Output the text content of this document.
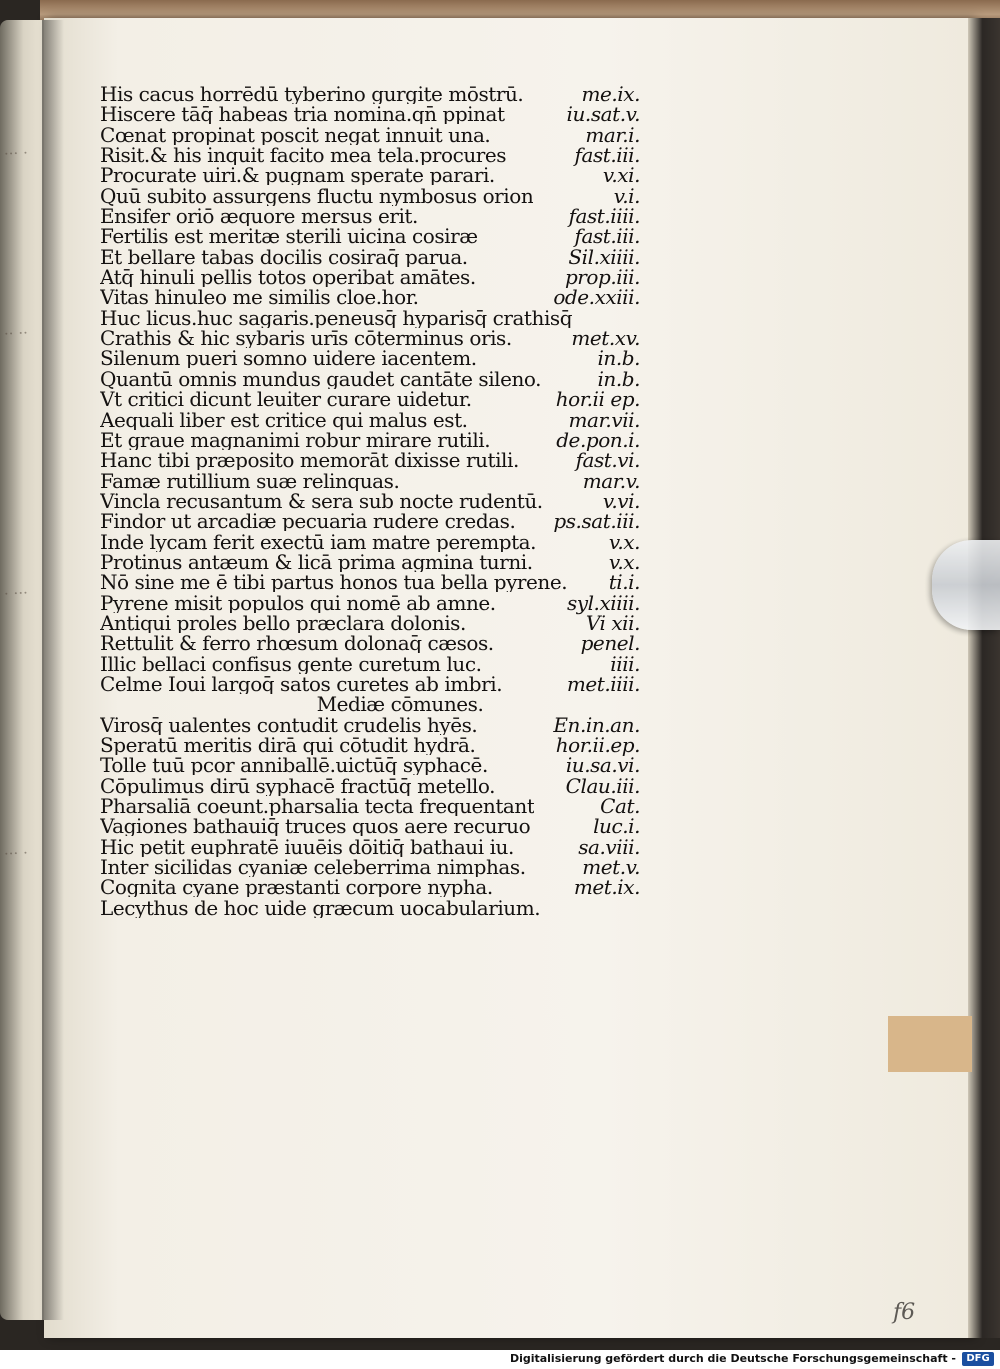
··· ·
·· ··
· ···
··· ·
His cacus horrēdū tyberino gurgite mōstrū.	me.ix.
Hiscere tāq̄ habeas tria nomina.qn̄ ppinat	iu.sat.v.
Cœnat propinat poscit negat innuit una.	mar.i.
Risit.& his inquit facito mea tela.procures	fast.iii.
Procurate uiri.& pugnam sperate parari.	v.xi.
Quū subito assurgens fluctu nymbosus orion	v.i.
Ensifer oriō æquore mersus erit.	fast.iiii.
Fertilis est meritæ sterili uicina cosiræ	fast.iii.
Et bellare tabas docilis cosiraq̄ parua.	Sil.xiiii.
Atq̄ hinuli pellis totos operibat amātes.	prop.iii.
Vitas hinuleo me similis cloe.hor.	ode.xxiii.
Huc licus.huc sagaris.peneusq̄ hyparisq̄ crathisq̄
Crathis & hic sybaris urīs cōterminus oris.	met.xv.
Silenum pueri somno uidere iacentem.	in.b.
Quantū omnis mundus gaudet cantāte sileno.	in.b.
Vt critici dicunt leuiter curare uidetur.	hor.ii ep.
Aequali liber est critice qui malus est.	mar.vii.
Et graue magnanimi robur mirare rutili.	de.pon.i.
Hanc tibi præposito memorāt dixisse rutili.	fast.vi.
Famæ rutillium suæ relinquas.	mar.v.
Vincla recusantum & sera sub nocte rudentū.	v.vi.
Findor ut arcadiæ pecuaria rudere credas.	ps.sat.iii.
Inde lycam ferit exectū iam matre perempta.	v.x.
Protinus antæum & licā prima agmina turni.	v.x.
Nō sine me ē tibi partus honos tua bella pyrene.	ti.i.
Pyrene misit populos qui nomē ab amne.	syl.xiiii.
Antiqui proles bello præclara dolonis.	Vi xii.
Rettulit & ferro rhœsum dolonaq̄ cæsos.	penel.
Illic bellaci confisus gente curetum luc.	iiii.
Celme Ioui largoq̄ satos curetes ab imbri.	met.iiii.
Mediæ cōmunes.
Virosq̄ ualentes contudit crudelis hyēs.	En.in.an.
Speratū meritis dirā qui cōtudit hydrā.	hor.ii.ep.
Tolle tuū pcor anniballē.uictūq̄ syphacē.	iu.sa.vi.
Cōpulimus dirū syphacē fractūq̄ metello.	Clau.iii.
Pharsaliā coeunt.pharsalia tecta frequentant	Cat.
Vagiones bathauiq̄ truces quos aere recuruo	luc.i.
Hic petit euphratē iuuēis dōitiq̄ bathaui iu.	sa.viii.
Inter sicilidas cyaniæ celeberrima nimphas.	met.v.
Cognita cyane præstanti corpore nypha.	met.ix.
Lecythus de hoc uide græcum uocabularium.
f6
Digitalisierung gefördert durch die Deutsche Forschungsgemeinschaft -	DFG
